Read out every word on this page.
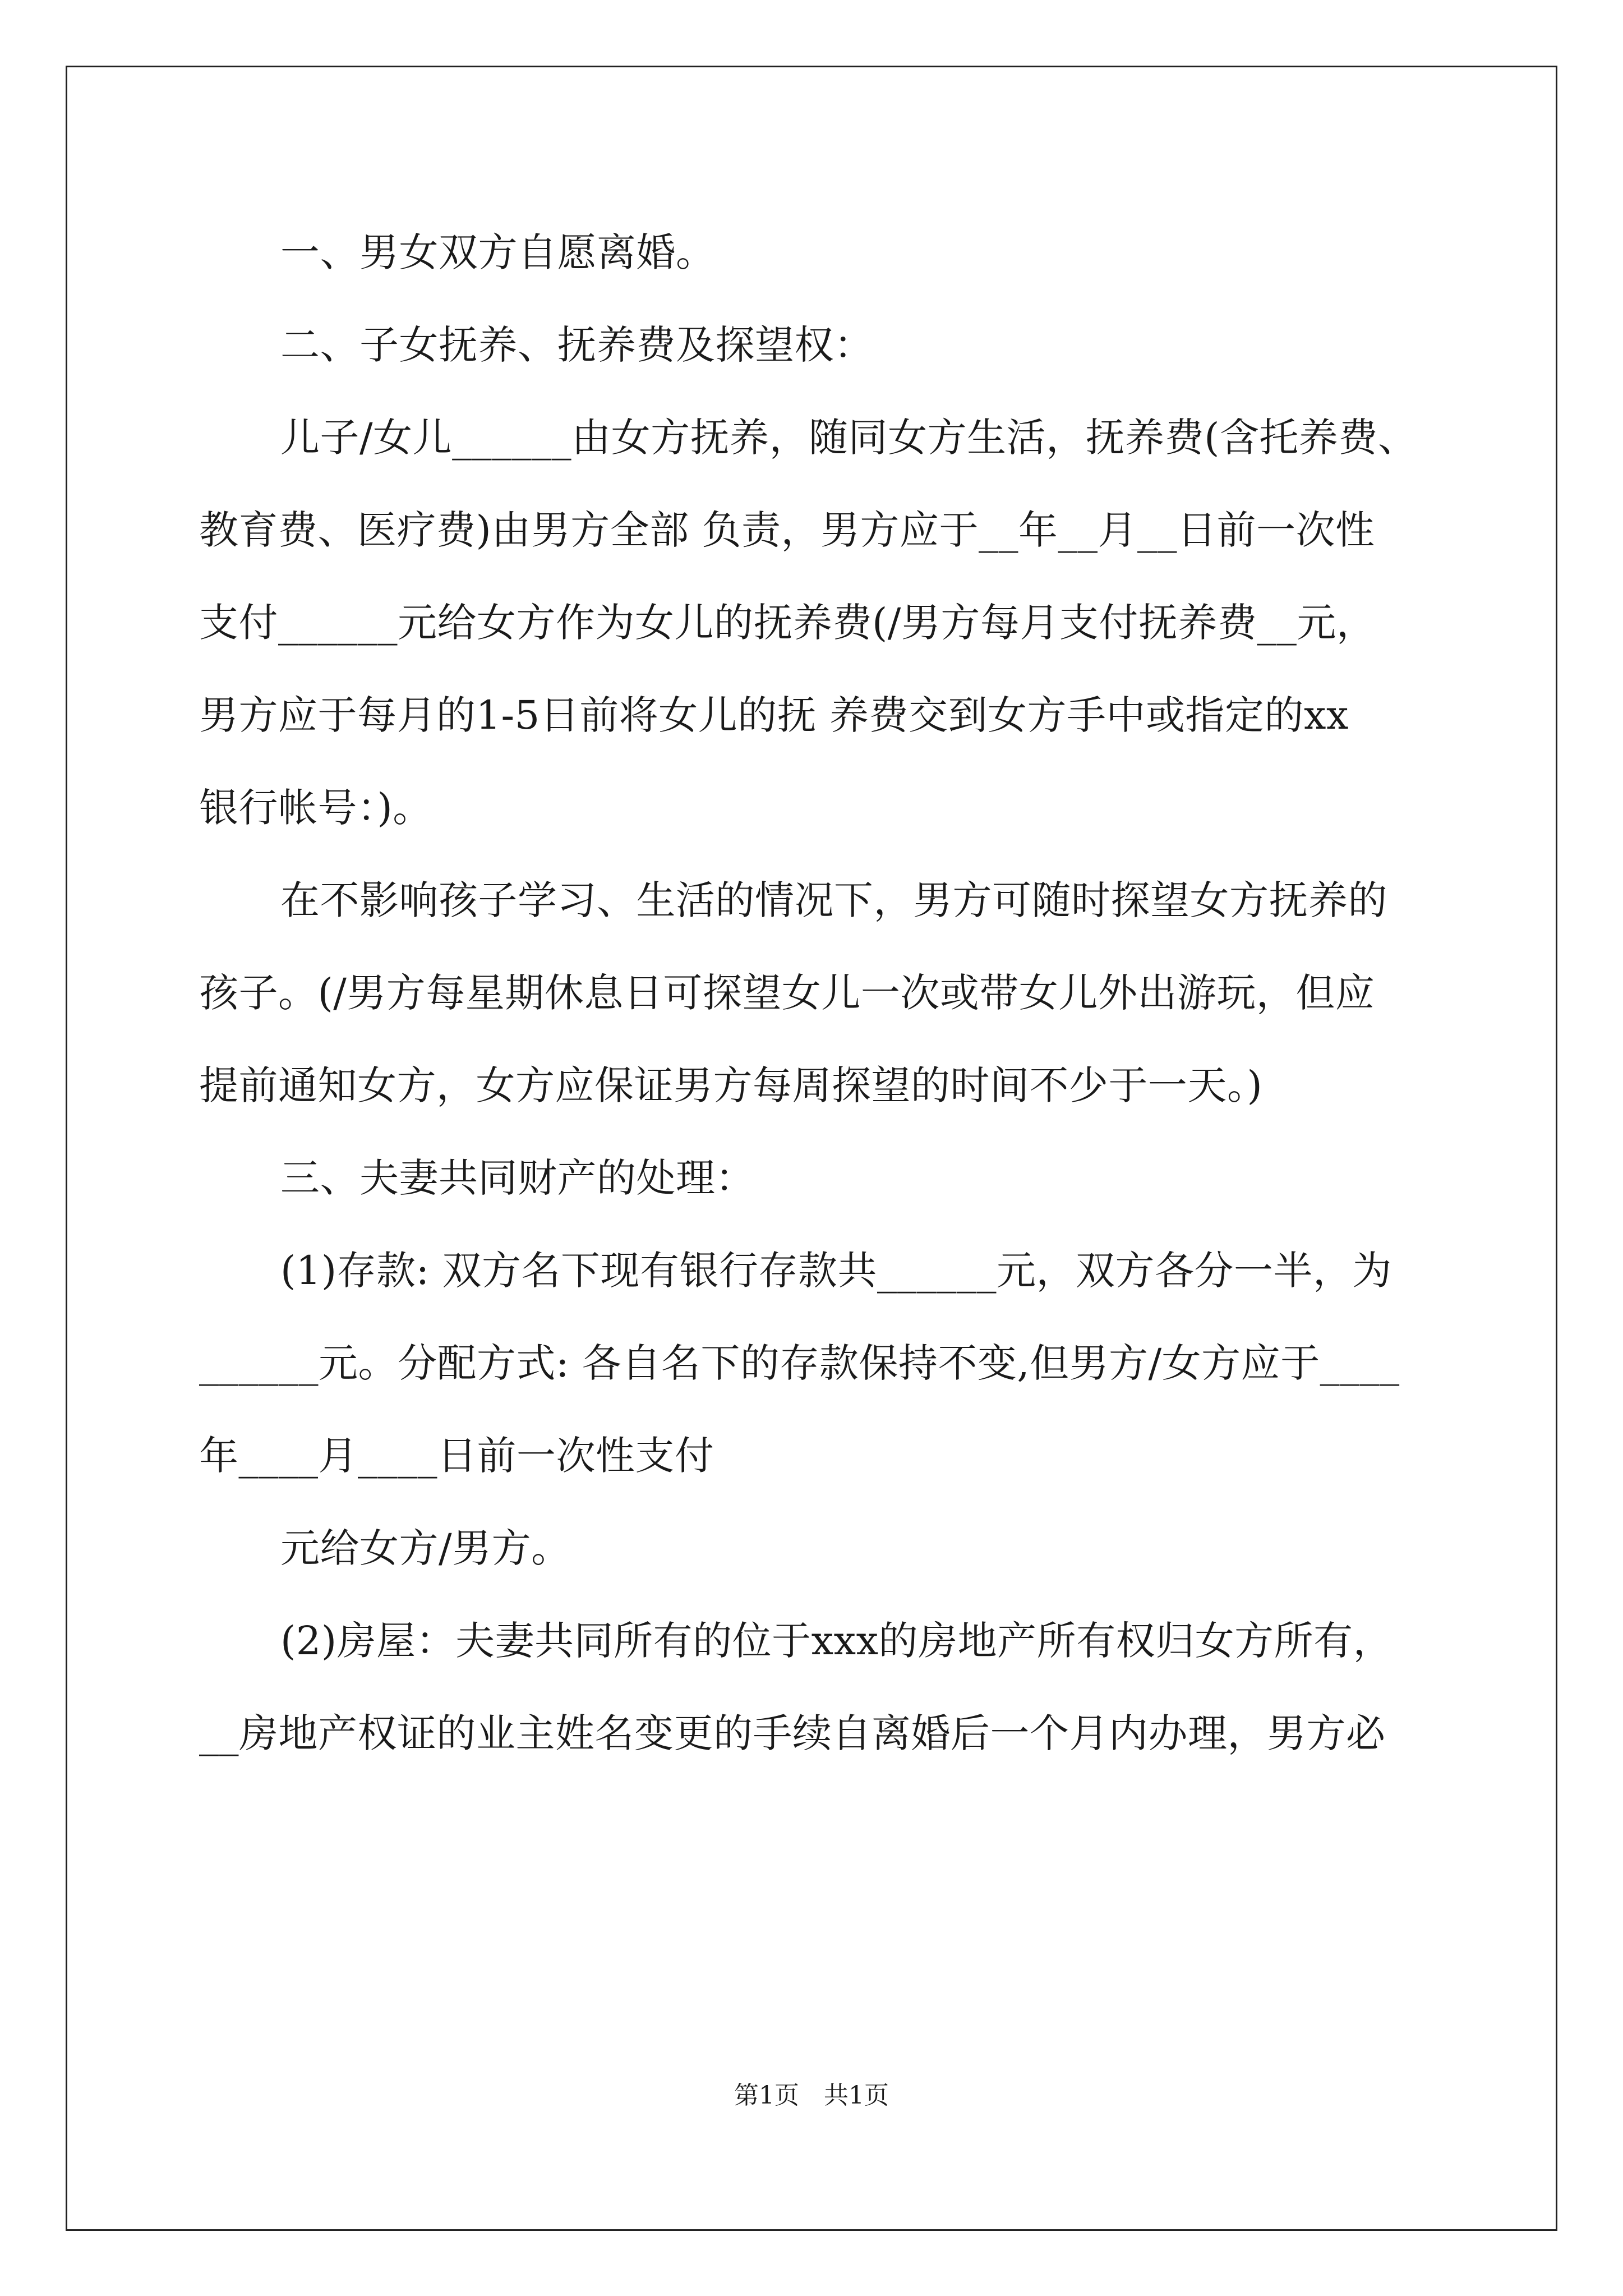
一、男女双方自愿离婚。
二、子女抚养、抚养费及探望权：
儿子/女儿______由女方抚养，随同女方生活，抚养费(含托养费、
教育费、医疗费)由男方全部 负责，男方应于__年__月__日前一次性
支付______元给女方作为女儿的抚养费(/男方每月支付抚养费__元，
男方应于每月的1-5日前将女儿的抚 养费交到女方手中或指定的xx
银行帐号：)。
在不影响孩子学习、生活的情况下，男方可随时探望女方抚养的
孩子。(/男方每星期休息日可探望女儿一次或带女儿外出游玩，但应
提前通知女方，女方应保证男方每周探望的时间不少于一天。)
三、夫妻共同财产的处理：
(1)存款: 双方名下现有银行存款共______元，双方各分一半，为
______元。分配方式: 各自名下的存款保持不变,但男方/女方应于____
年____月____日前一次性支付
元给女方/男方。
(2)房屋：夫妻共同所有的位于xxx的房地产所有权归女方所有，
__房地产权证的业主姓名变更的手续自离婚后一个月内办理，男方必
第1页　共1页
